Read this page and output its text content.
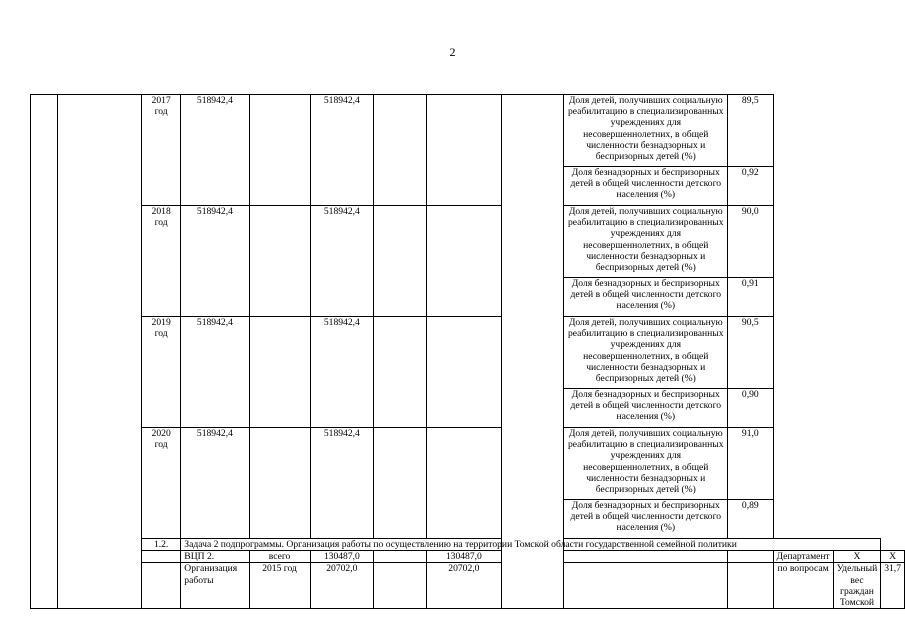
2
		2017 год	518942,4		518942,4				Доля детей, получивших социальную реабилитацию в специализированных учреждениях для несовершеннолетних, в общей численности безнадзорных и беспризорных детей (%)	89,5			
									Доля безнадзорных и беспризорных детей в общей численности детского населения (%)	0,92			
		2018 год	518942,4		518942,4				Доля детей, получивших социальную реабилитацию в специализированных учреждениях для несовершеннолетних, в общей численности безнадзорных и беспризорных детей (%)	90,0			
									Доля безнадзорных и беспризорных детей в общей численности детского населения (%)	0,91			
		2019 год	518942,4		518942,4				Доля детей, получивших социальную реабилитацию в специализированных учреждениях для несовершеннолетних, в общей численности безнадзорных и беспризорных детей (%)	90,5			
									Доля безнадзорных и беспризорных детей в общей численности детского населения (%)	0,90			
		2020 год	518942,4		518942,4				Доля детей, получивших социальную реабилитацию в специализированных учреждениях для несовершеннолетних, в общей численности безнадзорных и беспризорных детей (%)	91,0			
									Доля безнадзорных и беспризорных детей в общей численности детского населения (%)	0,89			
		1.2.	Задача 2 подпрограммы. Организация работы по осуществлению на территории Томской области государственной семейной политики										
			ВЦП 2.	всего	130487,0		130487,0				Департамент	Х	Х
			Организация работы	2015 год	20702,0		20702,0				по вопросам	Удельный вес граждан Томской	31,7
